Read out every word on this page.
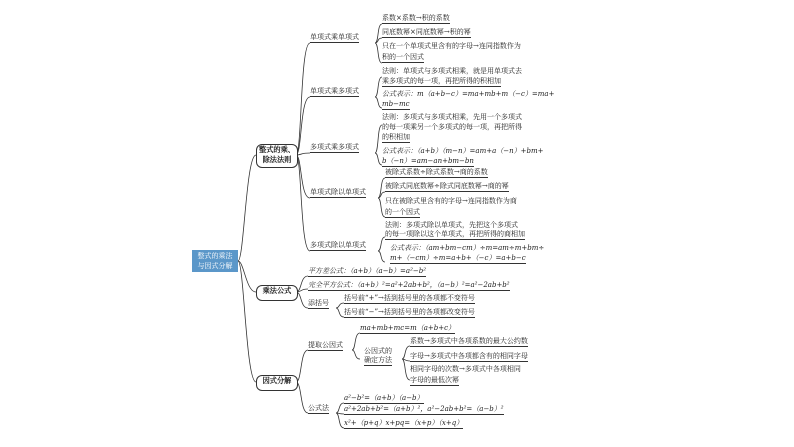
整式的乘法
与因式分解
整式的乘、
除法法则
单项式乘单项式
系数×系数→积的系数
同底数幂×同底数幂→积的幂
只在一个单项式里含有的字母→连同指数作为
积的一个因式
单项式乘多项式
法则：单项式与多项式相乘，就是用单项式去
乘多项式的每一项，再把所得的积相加
公式表示：m（a+b−c）=ma+mb+m（−c）=ma+
mb−mc
多项式乘多项式
法则：多项式与多项式相乘，先用一个多项式
的每一项乘另一个多项式的每一项，再把所得
的积相加
公式表示：（a+b）（m−n）=am+a（−n）+bm+
b（−n）=am−an+bm−bn
单项式除以单项式
被除式系数÷除式系数→商的系数
被除式同底数幂÷除式同底数幂→商的幂
只在被除式里含有的字母→连同指数作为商
的一个因式
多项式除以单项式
法则：多项式除以单项式，先把这个多项式
的每一项除以这个单项式，再把所得的商相加
公式表示：（am+bm−cm）÷m=am÷m+bm÷
m+（−cm）÷m=a+b+（−c）=a+b−c
乘法公式
平方差公式：（a+b）（a−b）=a²−b²
完全平方公式：（a+b）²=a²+2ab+b²，（a−b）²=a²−2ab+b²
添括号
括号前“+”→括到括号里的各项都不变符号
括号前“−”→括到括号里的各项都改变符号
因式分解
提取公因式
ma+mb+mc=m（a+b+c）
公因式的
确定方法
系数→多项式中各项系数的最大公约数
字母→多项式中各项都含有的相同字母
相同字母的次数→多项式中各项相同
字母的最低次幂
公式法
a²−b²=（a+b）（a−b）
a²+2ab+b²=（a+b）²，a²−2ab+b²=（a−b）²
x²+（p+q）x+pq=（x+p）（x+q）
